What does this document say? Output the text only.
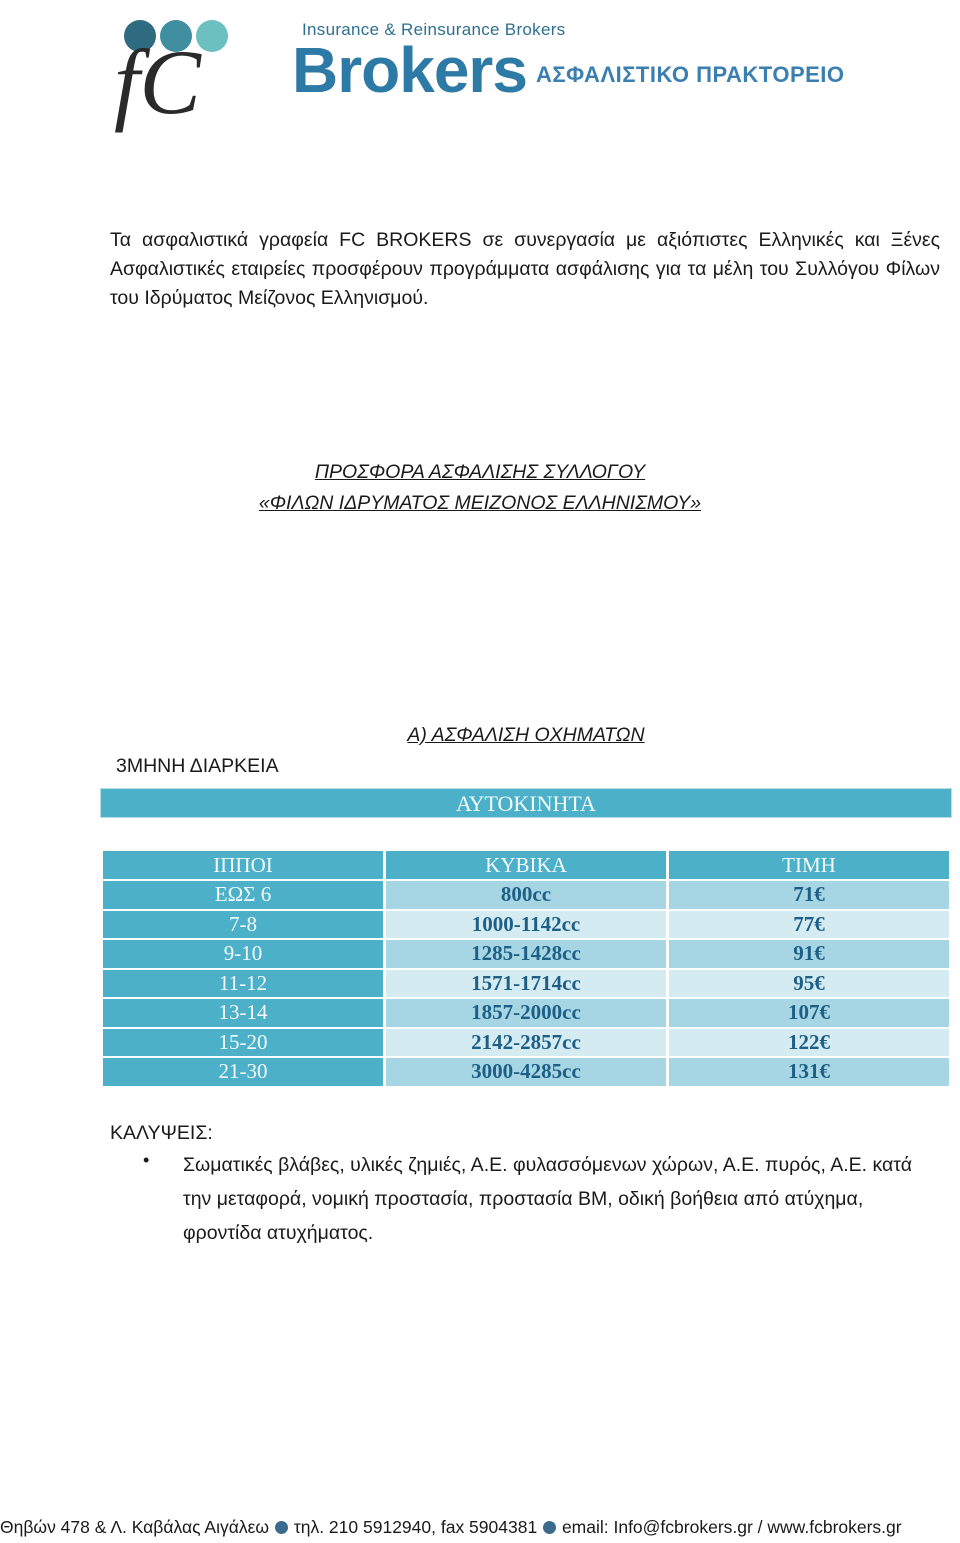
Insurance & Reinsurance Brokers
fC Brokers ΑΣΦΑΛΙΣΤΙΚΟ ΠΡΑΚΤΟΡΕΙΟ
Τα ασφαλιστικά γραφεία FC BROKERS σε συνεργασία με αξιόπιστες Ελληνικές και Ξένες Ασφαλιστικές εταιρείες προσφέρουν προγράμματα ασφάλισης για τα μέλη του Συλλόγου Φίλων του Ιδρύματος Μείζονος Ελληνισμού.
ΠΡΟΣΦΟΡΑ ΑΣΦΑΛΙΣΗΣ ΣΥΛΛΟΓΟΥ
«ΦΙΛΩΝ ΙΔΡΥΜΑΤΟΣ ΜΕΙΖΟΝΟΣ ΕΛΛΗΝΙΣΜΟΥ»
Α) ΑΣΦΑΛΙΣΗ ΟΧΗΜΑΤΩΝ
3ΜΗΝΗ ΔΙΑΡΚΕΙΑ
ΑΥΤΟΚΙΝΗΤΑ
ΙΠΠΟΙ	ΚΥΒΙΚΑ	ΤΙΜΗ
ΕΩΣ 6	800cc	71€
7-8	1000-1142cc	77€
9-10	1285-1428cc	91€
11-12	1571-1714cc	95€
13-14	1857-2000cc	107€
15-20	2142-2857cc	122€
21-30	3000-4285cc	131€
ΚΑΛΥΨΕΙΣ:
• Σωματικές βλάβες, υλικές ζημιές, Α.Ε. φυλασσόμενων χώρων, Α.Ε. πυρός, Α.Ε. κατά την μεταφορά, νομική προστασία, προστασία ΒΜ, οδική βοήθεια από ατύχημα, φροντίδα ατυχήματος.
Θηβών 478 & Λ. Καβάλας Αιγάλεω τηλ. 210 5912940, fax 5904381 email: Info@fcbrokers.gr / www.fcbrokers.gr
